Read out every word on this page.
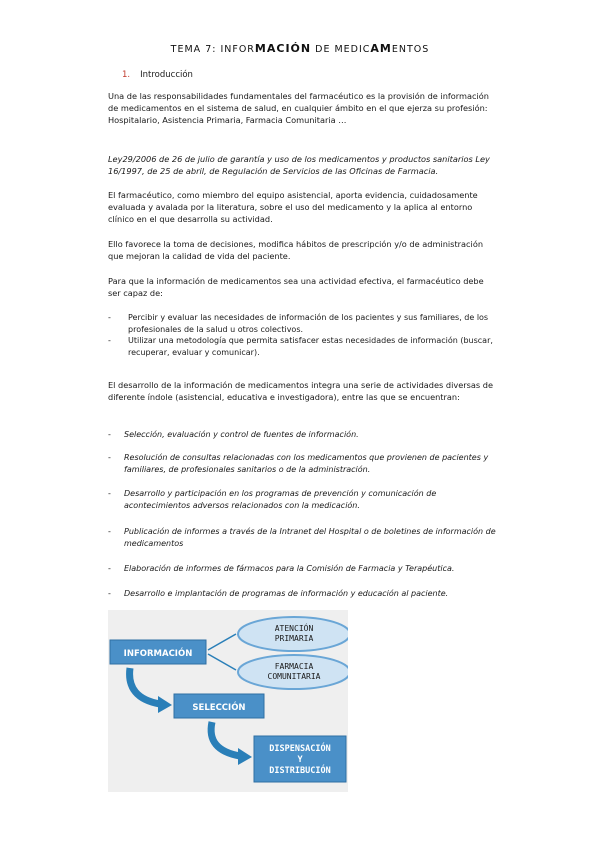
TEMA 7: INFORMACIÓN DE MEDICAMENTOS
1. Introducción

Una de las responsabilidades fundamentales del farmacéutico es la provisión de información de medicamentos en el sistema de salud, en cualquier ámbito en el que ejerza su profesión: Hospitalario, Asistencia Primaria, Farmacia Comunitaria …

Ley29/2006 de 26 de julio de garantía y uso de los medicamentos y productos sanitarios Ley 16/1997, de 25 de abril, de Regulación de Servicios de las Oficinas de Farmacia.

El farmacéutico, como miembro del equipo asistencial, aporta evidencia, cuidadosamente evaluada y avalada por la literatura, sobre el uso del medicamento y la aplica al entorno clínico en el que desarrolla su actividad.

Ello favorece la toma de decisiones, modifica hábitos de prescripción y/o de administración que mejoran la calidad de vida del paciente.

Para que la información de medicamentos sea una actividad efectiva, el farmacéutico debe ser capaz de:

- Percibir y evaluar las necesidades de información de los pacientes y sus familiares, de los profesionales de la salud u otros colectivos.
- Utilizar una metodología que permita satisfacer estas necesidades de información (buscar, recuperar, evaluar y comunicar).

El desarrollo de la información de medicamentos integra una serie de actividades diversas de diferente índole (asistencial, educativa e investigadora), entre las que se encuentran:

- Selección, evaluación y control de fuentes de información.
- Resolución de consultas relacionadas con los medicamentos que provienen de pacientes y familiares, de profesionales sanitarios o de la administración.
- Desarrollo y participación en los programas de prevención y comunicación de acontecimientos adversos relacionados con la medicación.
- Publicación de informes a través de la Intranet del Hospital o de boletines de información de medicamentos
- Elaboración de informes de fármacos para la Comisión de Farmacia y Terapéutica.
- Desarrollo e implantación de programas de información y educación al paciente.
INFORMACIÓN
ATENCIÓN
PRIMARIA
FARMACIA
COMUNITARIA
SELECCIÓN
DISPENSACIÓN
Y
DISTRIBUCIÓN
